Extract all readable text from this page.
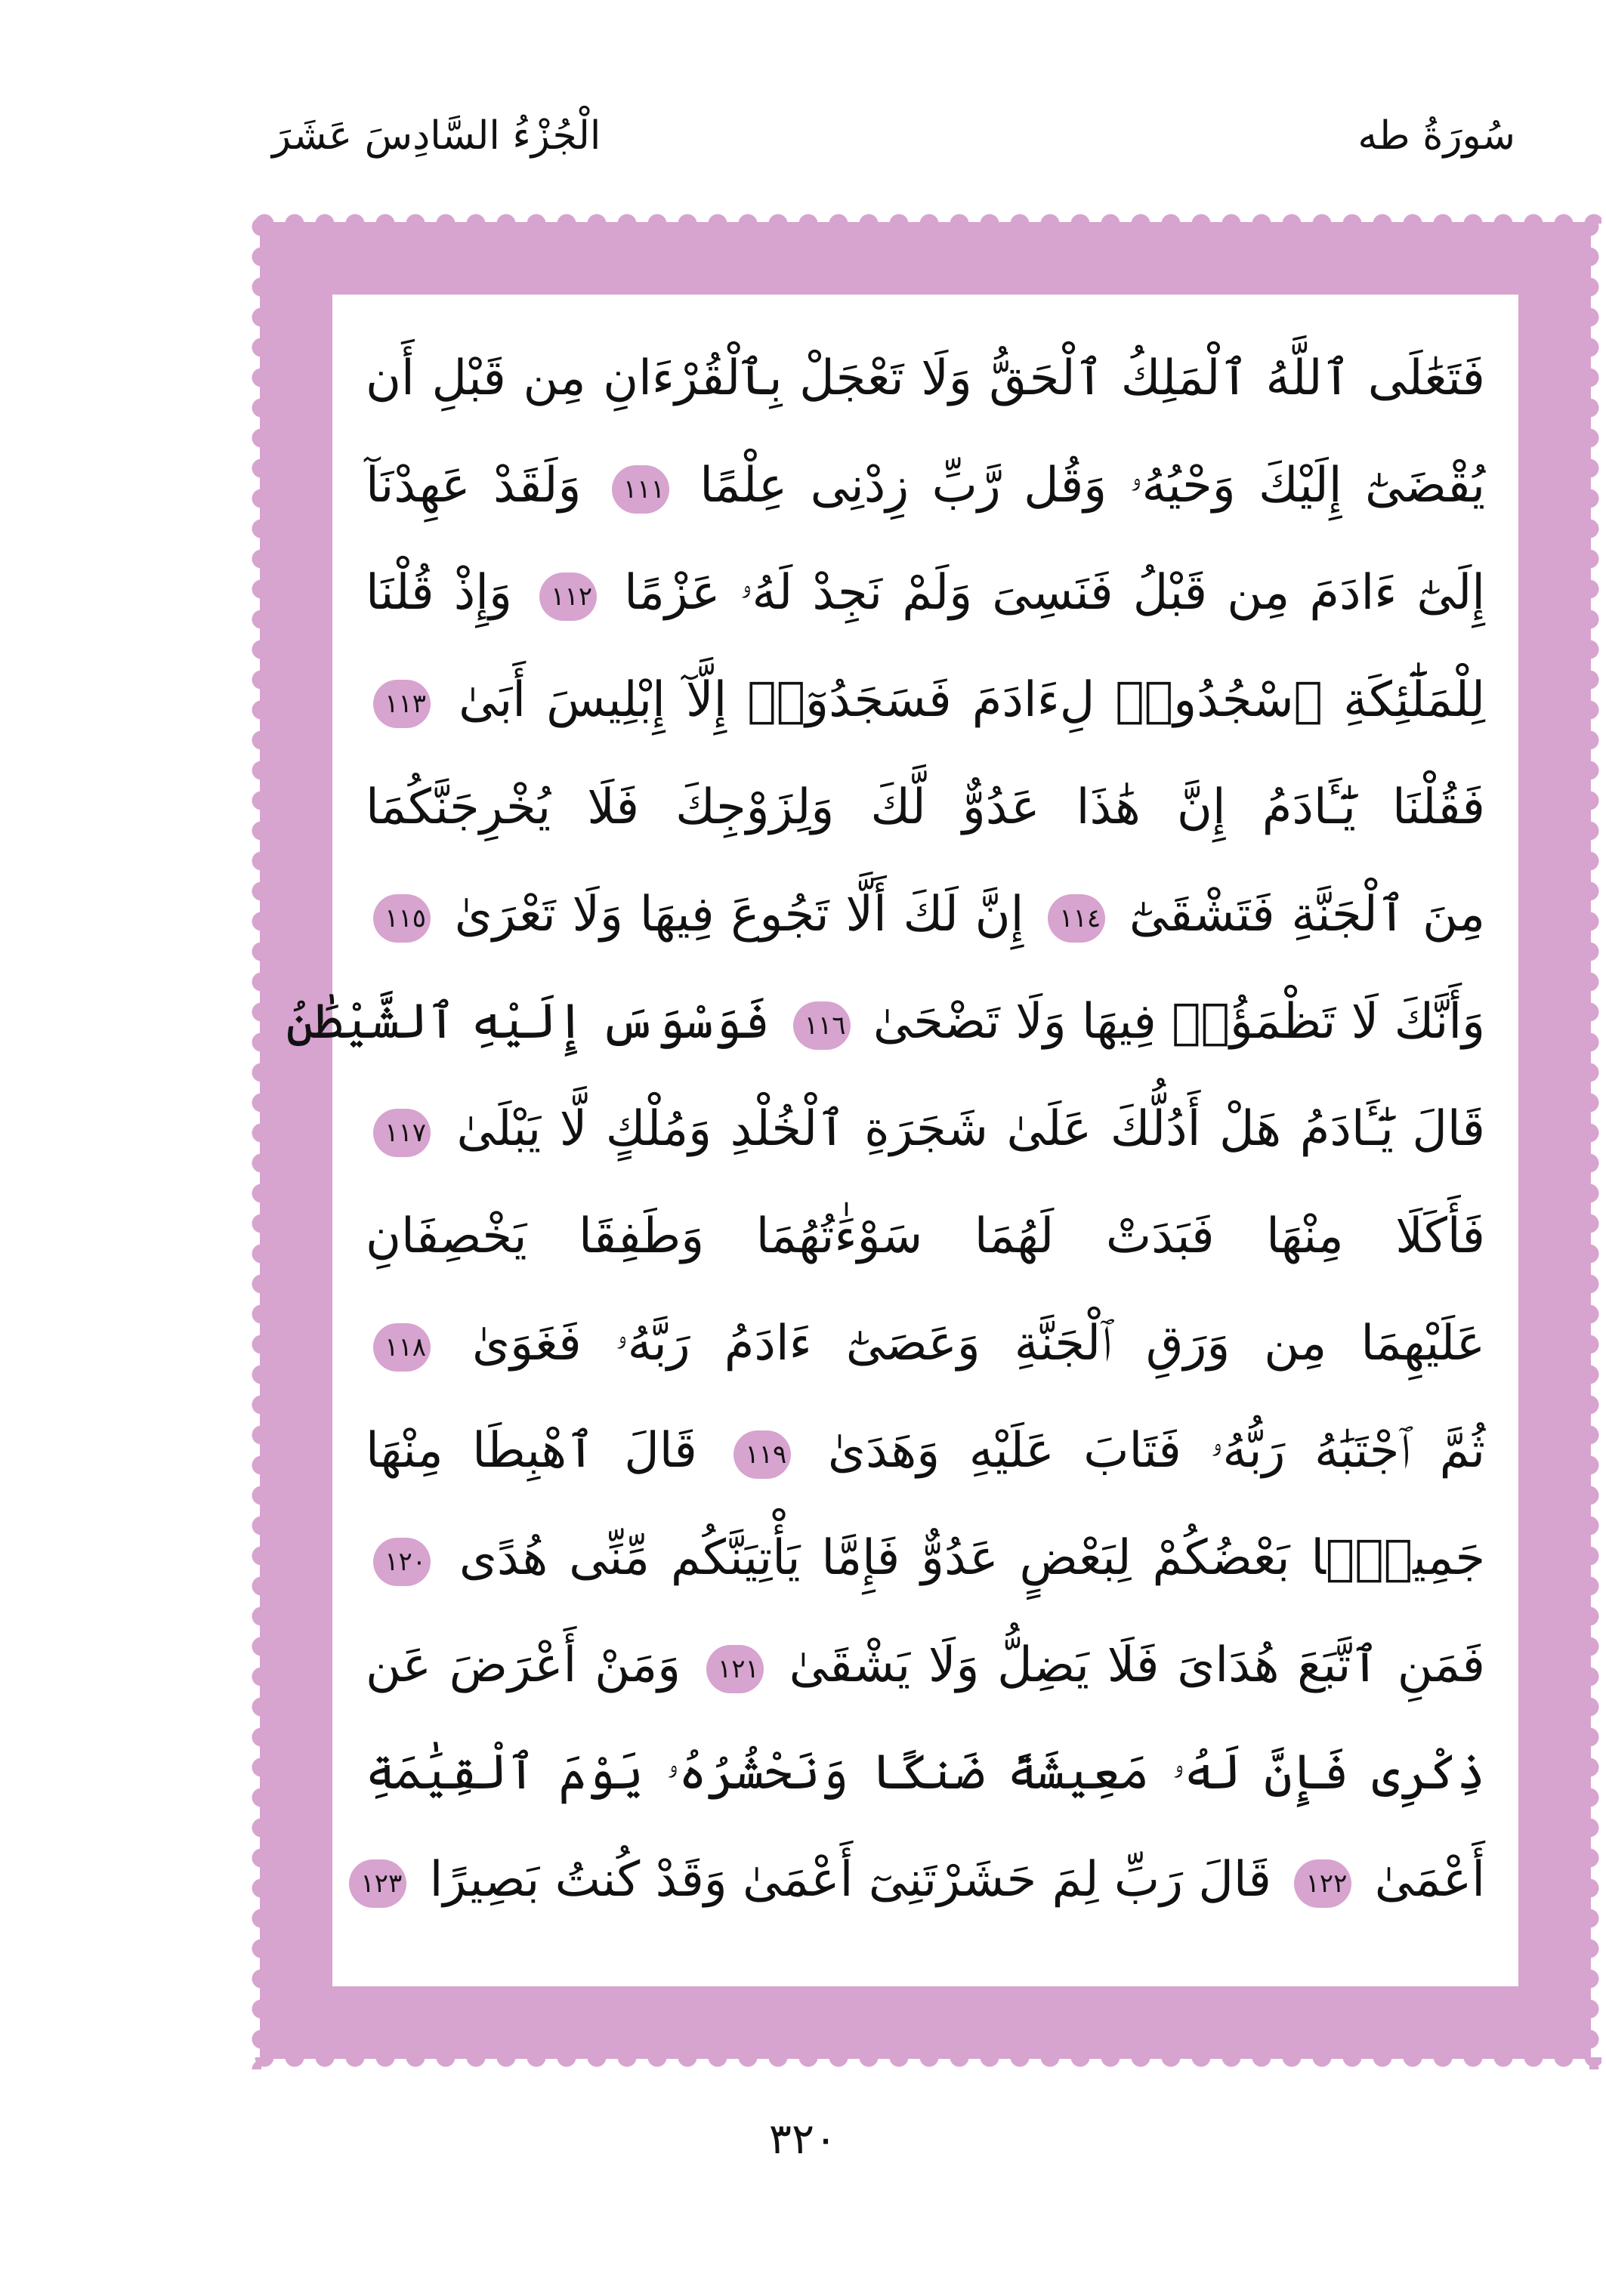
سُورَةُ طه
الْجُزْءُ السَّادِسَ عَشَرَ
فَتَعَٰلَى ٱللَّهُ ٱلْمَلِكُ ٱلْحَقُّ وَلَا تَعْجَلْ بِٱلْقُرْءَانِ مِن قَبْلِ أَن
يُقْضَىٰٓ إِلَيْكَ وَحْيُهُۥ وَقُل رَّبِّ زِدْنِى عِلْمًا ١١١ وَلَقَدْ عَهِدْنَآ
إِلَىٰٓ ءَادَمَ مِن قَبْلُ فَنَسِىَ وَلَمْ نَجِدْ لَهُۥ عَزْمًا ١١٢ وَإِذْ قُلْنَا
لِلْمَلَٰٓئِكَةِ ٱسْجُدُوا۟ لِءَادَمَ فَسَجَدُوٓا۟ إِلَّآ إِبْلِيسَ أَبَىٰ ١١٣
فَقُلْنَا يَٰٓـَٔادَمُ إِنَّ هَٰذَا عَدُوٌّ لَّكَ وَلِزَوْجِكَ فَلَا يُخْرِجَنَّكُمَا
مِنَ ٱلْجَنَّةِ فَتَشْقَىٰٓ ١١٤ إِنَّ لَكَ أَلَّا تَجُوعَ فِيهَا وَلَا تَعْرَىٰ ١١٥
وَأَنَّكَ لَا تَظْمَؤُا۟ فِيهَا وَلَا تَضْحَىٰ ١١٦ فَوَسْوَسَ إِلَيْهِ ٱلشَّيْطَٰنُ
قَالَ يَٰٓـَٔادَمُ هَلْ أَدُلُّكَ عَلَىٰ شَجَرَةِ ٱلْخُلْدِ وَمُلْكٍ لَّا يَبْلَىٰ ١١٧
فَأَكَلَا مِنْهَا فَبَدَتْ لَهُمَا سَوْءَٰتُهُمَا وَطَفِقَا يَخْصِفَانِ
عَلَيْهِمَا مِن وَرَقِ ٱلْجَنَّةِ وَعَصَىٰٓ ءَادَمُ رَبَّهُۥ فَغَوَىٰ ١١٨
ثُمَّ ٱجْتَبَٰهُ رَبُّهُۥ فَتَابَ عَلَيْهِ وَهَدَىٰ ١١٩ قَالَ ٱهْبِطَا مِنْهَا
جَمِيعًۢا بَعْضُكُمْ لِبَعْضٍ عَدُوٌّ فَإِمَّا يَأْتِيَنَّكُم مِّنِّى هُدًى ١٢٠
فَمَنِ ٱتَّبَعَ هُدَاىَ فَلَا يَضِلُّ وَلَا يَشْقَىٰ ١٢١ وَمَنْ أَعْرَضَ عَن
ذِكْرِى فَإِنَّ لَهُۥ مَعِيشَةً ضَنكًا وَنَحْشُرُهُۥ يَوْمَ ٱلْقِيَٰمَةِ
أَعْمَىٰ ١٢٢ قَالَ رَبِّ لِمَ حَشَرْتَنِىٓ أَعْمَىٰ وَقَدْ كُنتُ بَصِيرًا ١٢٣
٣٢٠
